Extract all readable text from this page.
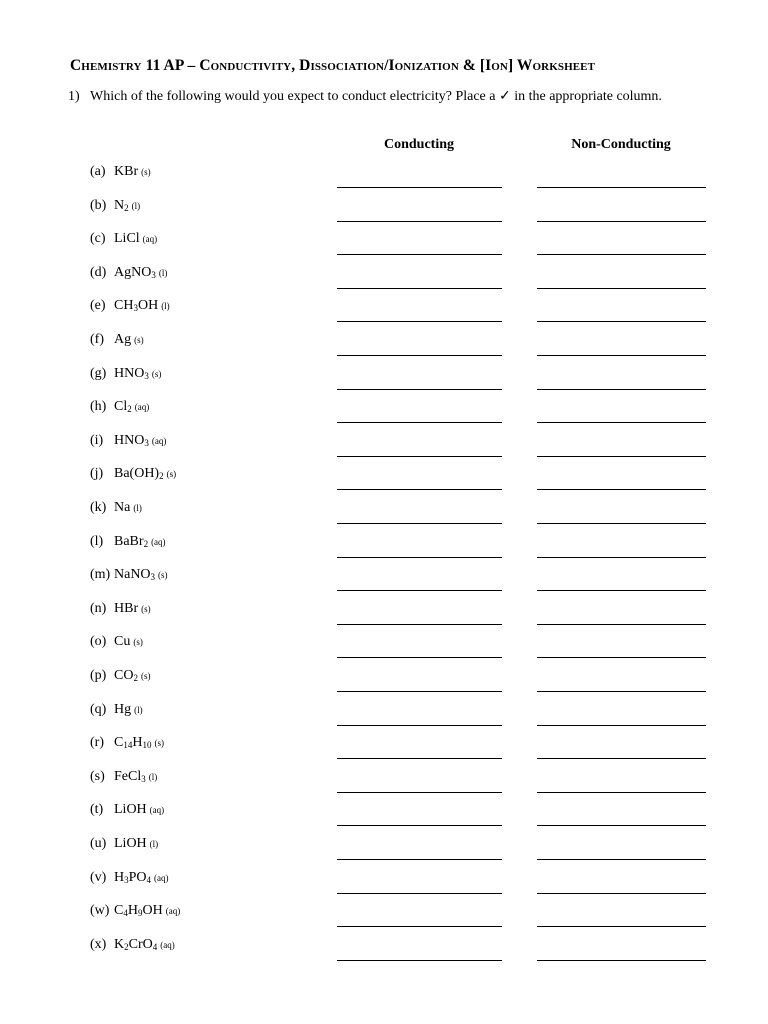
Chemistry 11 AP – Conductivity, Dissociation/Ionization & [Ion] Worksheet
1) Which of the following would you expect to conduct electricity? Place a ✓ in the appropriate column.
Conducting	Non-Conducting
(a) KBr (s)
(b) $N_2$ (l)
(c) LiCl (aq)
(d) AgNO$_3$ (l)
(e) $CH_3OH$ (l)
(f) Ag (s)
(g) $HNO_3$ (s)
(h) $Cl_2$ (aq)
(i) $HNO_3$ (aq)
(j) $Ba(OH)_2$ (s)
(k) Na (l)
(l) BaBr$_2$ (aq)
(m) NaNO$_3$ (s)
(n) HBr (s)
(o) Cu (s)
(p) $CO_2$ (s)
(q) Hg (l)
(r) $C_{14}H_{10}$ (s)
(s) FeCl$_3$ (l)
(t) LiOH (aq)
(u) LiOH (l)
(v) $H_3PO_4$ (aq)
(w) $C_4H_9OH$ (aq)
(x) $K_2CrO_4$ (aq)
